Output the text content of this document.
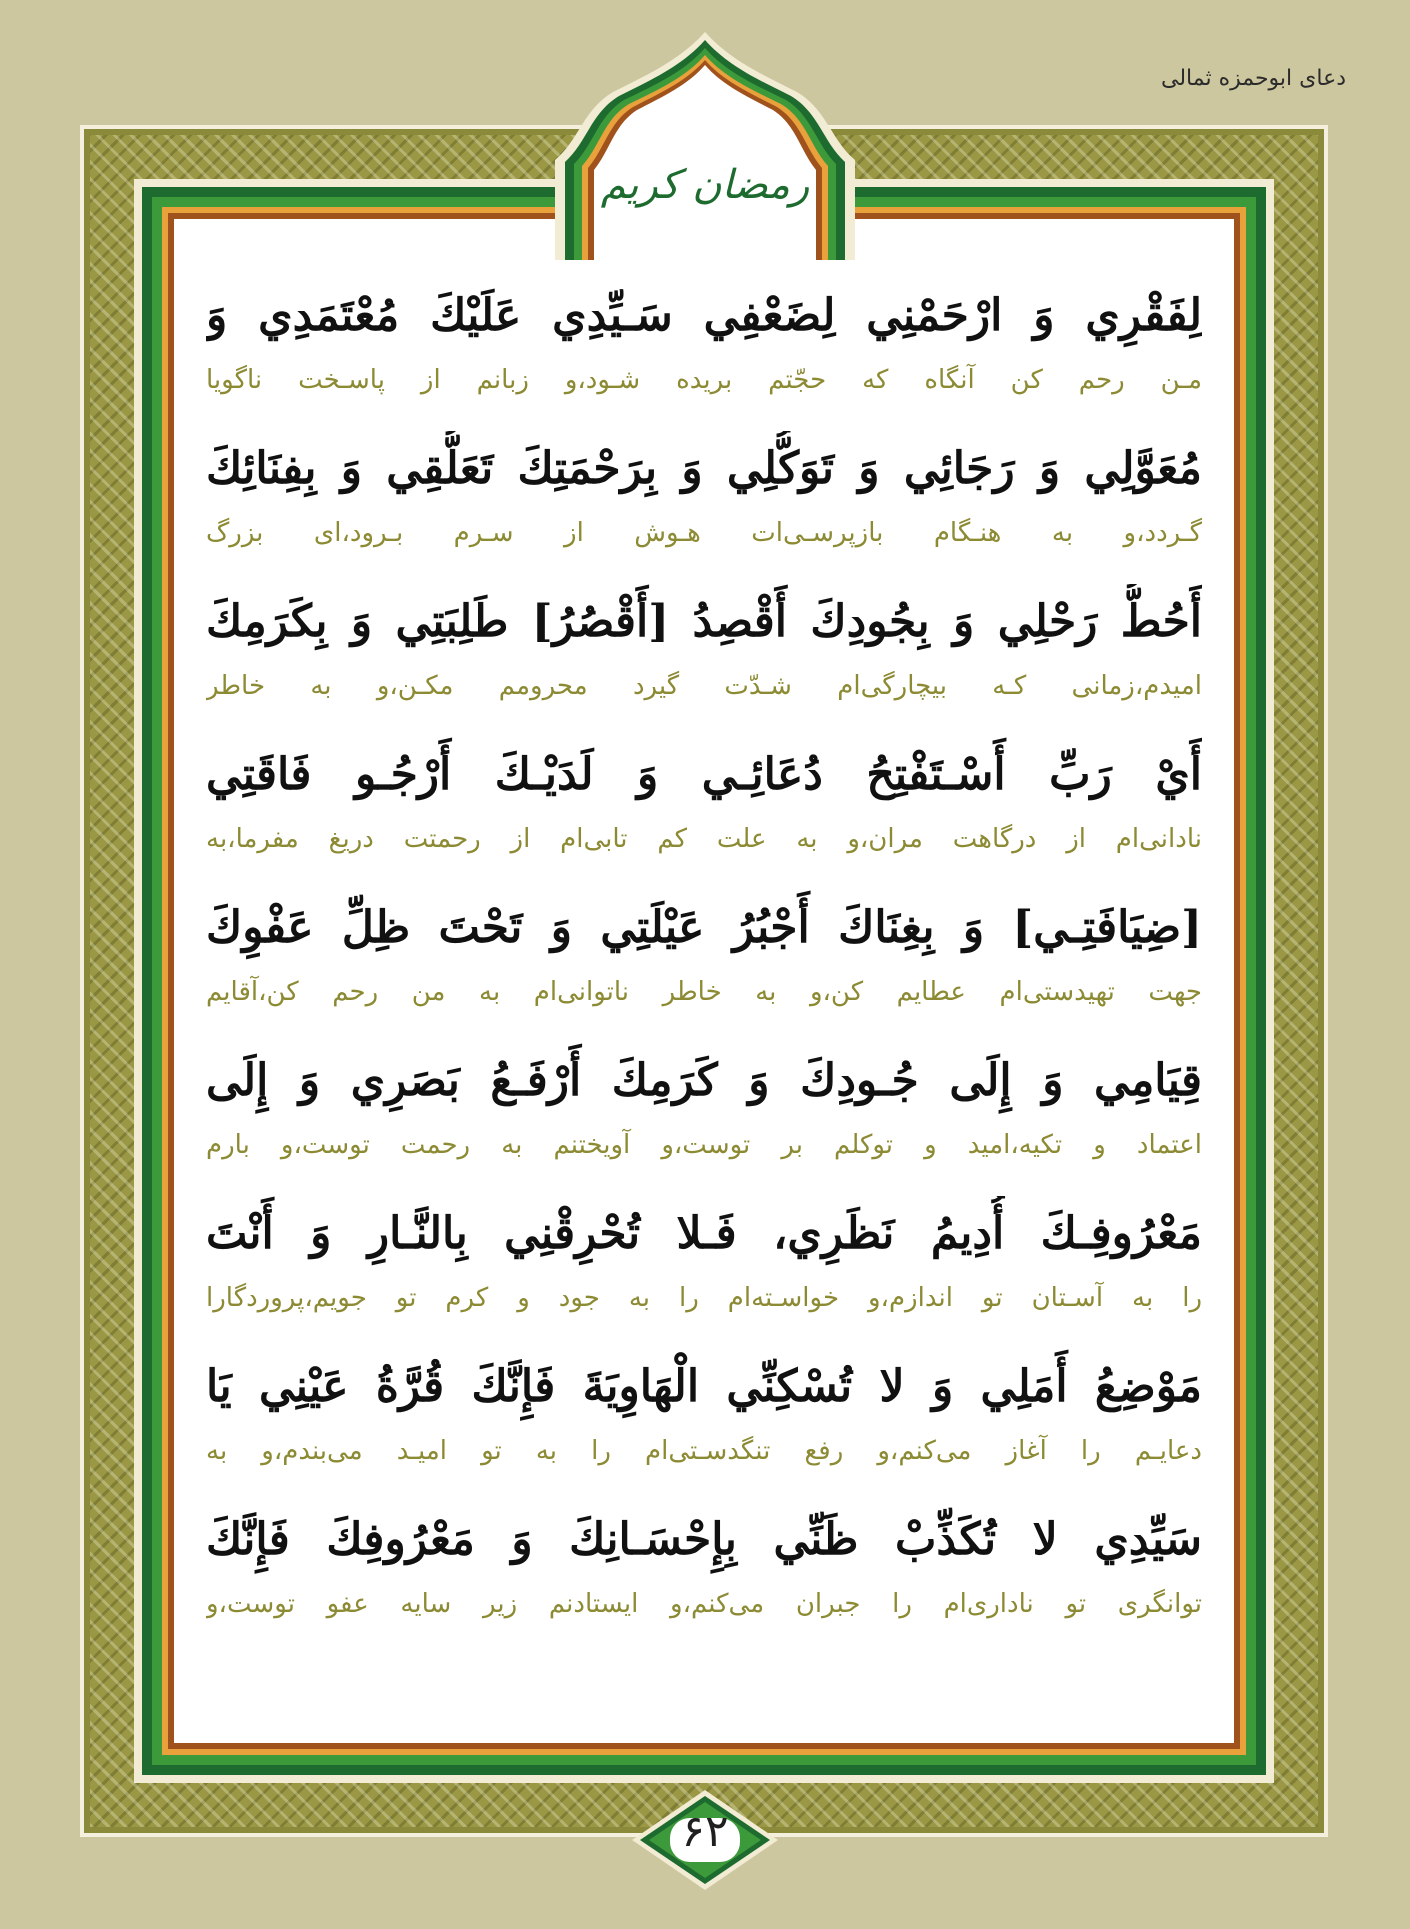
دعای ابوحمزه ثمالی
رمضان کریم
لِفَقْرِي وَ ارْحَمْنِي لِضَعْفِي سَـيِّدِي عَلَيْكَ مُعْتَمَدِي وَ
مـن رحم كن آنگاه كه حجّتم بريده شـود،و زبانم از پاسـخت ناگويا
مُعَوَّلِي وَ رَجَائِي وَ تَوَكُّلِي وَ بِرَحْمَتِكَ تَعَلُّقِي وَ بِفِنَائِكَ
گـردد،و به هنـگام بازپرسـى‌ات هـوش از سـرم بـرود،اى بزرگ
أَحُطُّ رَحْلِي وَ بِجُودِكَ أَقْصِدُ [أَقْصُرُ] طَلِبَتِي وَ بِكَرَمِكَ
اميدم،زمانى كـه بيچارگى‌ام شـدّت گيرد محرومم مكـن،و به خاطر
أَيْ رَبِّ أَسْـتَفْتِحُ دُعَائِـي وَ لَدَيْـكَ أَرْجُـو فَاقَتِي
نادانى‌ام از درگاهت مران،و به علت كم تابى‌ام از رحمتت دريغ مفرما،به
[ضِيَافَتِـي] وَ بِغِنَاكَ أَجْبُرُ عَيْلَتِي وَ تَحْتَ ظِلِّ عَفْوِكَ
جهت تهيدستى‌ام عطايم كن،و به خاطر ناتوانى‌ام به من رحم كن،آقايم
قِيَامِي وَ إِلَى جُـودِكَ وَ كَرَمِكَ أَرْفَـعُ بَصَرِي وَ إِلَى
اعتماد و تكيه،اميد و توكلم بر توست،و آويختنم به رحمت توست،و بارم
مَعْرُوفِـكَ أُدِيمُ نَظَرِي، فَـلا تُحْرِقْنِي بِالنَّـارِ وَ أَنْتَ
را به آسـتان تو اندازم،و خواسـته‌ام را به جود و كرم تو جويم،پروردگارا
مَوْضِعُ أَمَلِي وَ لا تُسْكِنِّي الْهَاوِيَةَ فَإِنَّكَ قُرَّةُ عَيْنِي يَا
دعايـم را آغاز مى‌كنم،و رفع تنگدسـتى‌ام را به تو اميـد مى‌بندم،و به
سَيِّدِي لا تُكَذِّبْ ظَنِّي بِإِحْسَـانِكَ وَ مَعْرُوفِكَ فَإِنَّكَ
توانگرى تو نادارى‌ام را جبران مى‌كنم،و ايستادنم زير سايه عفو توست،و
۶۲
